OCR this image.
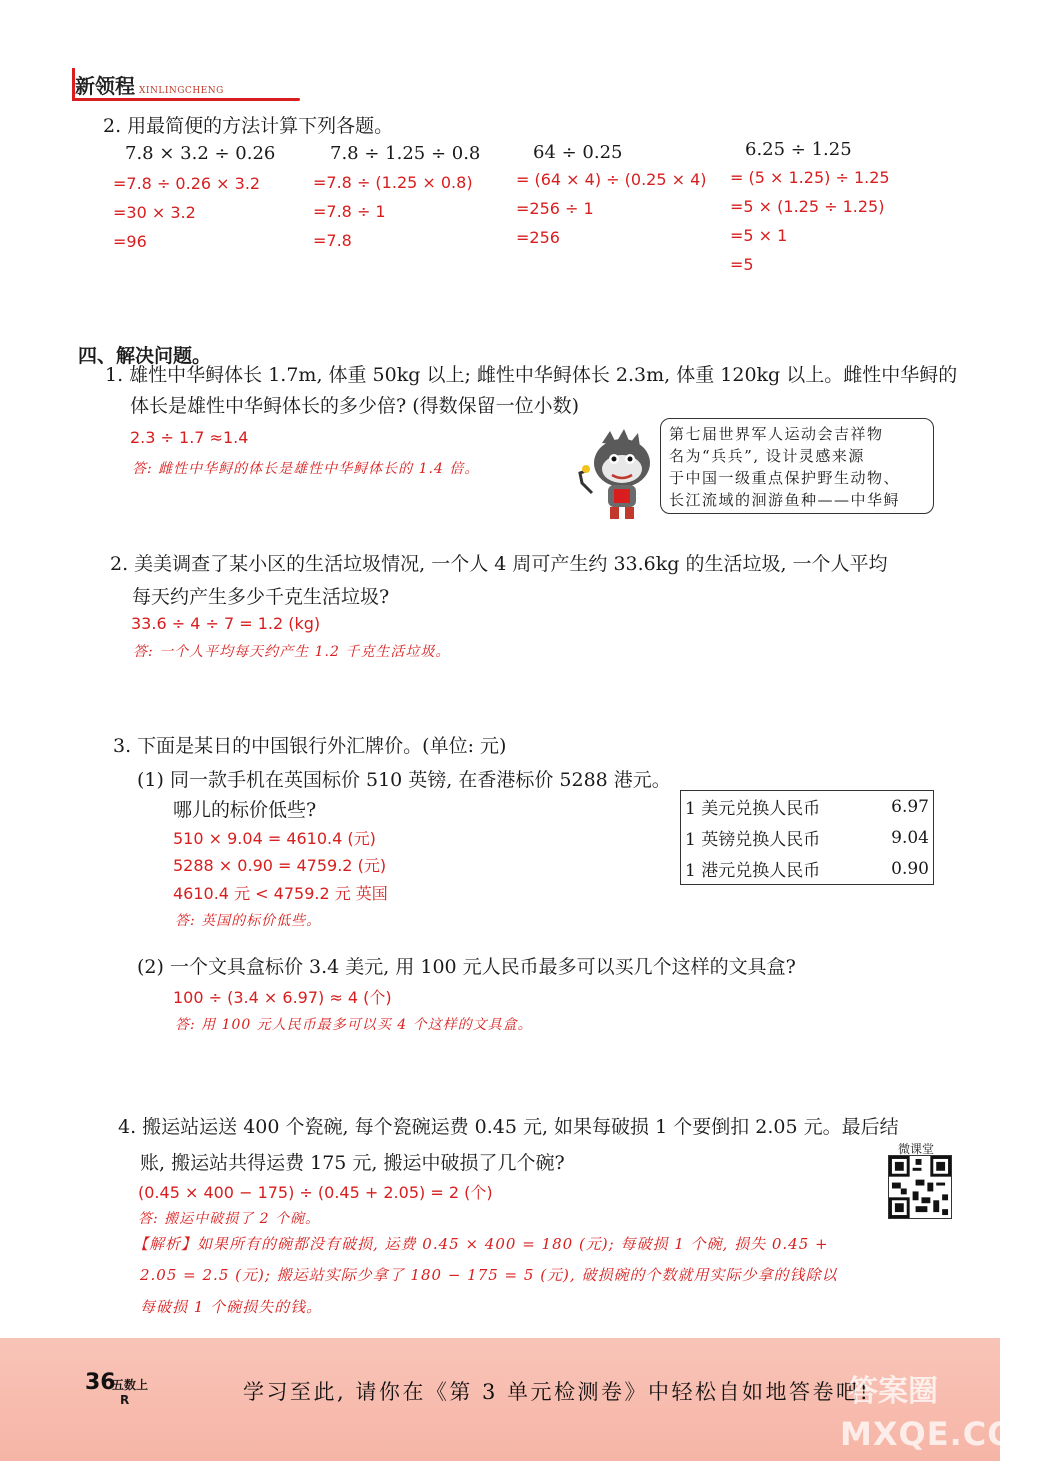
新领程 XINLINGCHENG
2. 用最简便的方法计算下列各题。
7.8 × 3.2 ÷ 0.26
=7.8 ÷ 0.26 × 3.2
=30 × 3.2
=96
7.8 ÷ 1.25 ÷ 0.8
=7.8 ÷ (1.25 × 0.8)
=7.8 ÷ 1
=7.8
64 ÷ 0.25
= (64 × 4) ÷ (0.25 × 4)
=256 ÷ 1
=256
6.25 ÷ 1.25
= (5 × 1.25) ÷ 1.25
=5 × (1.25 ÷ 1.25)
=5 × 1
=5
四、解决问题。
1. 雄性中华鲟体长 1.7m, 体重 50kg 以上; 雌性中华鲟体长 2.3m, 体重 120kg 以上。雌性中华鲟的
体长是雄性中华鲟体长的多少倍? (得数保留一位小数)
2.3 ÷ 1.7 ≈1.4
答: 雌性中华鲟的体长是雄性中华鲟体长的 1.4 倍。
第七届世界军人运动会吉祥物
名为“兵兵”, 设计灵感来源
于中国一级重点保护野生动物、
长江流域的洄游鱼种——中华鲟
2. 美美调查了某小区的生活垃圾情况, 一个人 4 周可产生约 33.6kg 的生活垃圾, 一个人平均
每天约产生多少千克生活垃圾?
33.6 ÷ 4 ÷ 7 = 1.2 (kg)
答: 一个人平均每天约产生 1.2 千克生活垃圾。
3. 下面是某日的中国银行外汇牌价。(单位: 元)
(1) 同一款手机在英国标价 510 英镑, 在香港标价 5288 港元。
哪儿的标价低些?
510 × 9.04 = 4610.4 (元)
5288 × 0.90 = 4759.2 (元)
4610.4 元 < 4759.2 元 英国
答: 英国的标价低些。
1 美元兑换人民币	6.97
1 英镑兑换人民币	9.04
1 港元兑换人民币	0.90
(2) 一个文具盒标价 3.4 美元, 用 100 元人民币最多可以买几个这样的文具盒?
100 ÷ (3.4 × 6.97) ≈ 4 (个)
答: 用 100 元人民币最多可以买 4 个这样的文具盒。
4. 搬运站运送 400 个瓷碗, 每个瓷碗运费 0.45 元, 如果每破损 1 个要倒扣 2.05 元。最后结
账, 搬运站共得运费 175 元, 搬运中破损了几个碗?
(0.45 × 400 − 175) ÷ (0.45 + 2.05) = 2 (个)
答: 搬运中破损了 2 个碗。
【解析】如果所有的碗都没有破损, 运费 0.45 × 400 = 180 (元); 每破损 1 个碗, 损失 0.45 +
2.05 = 2.5 (元); 搬运站实际少拿了 180 − 175 = 5 (元), 破损碗的个数就用实际少拿的钱除以
每破损 1 个碗损失的钱。
微课堂
36
五数上
R	学习至此, 请你在《第 3 单元检测卷》中轻松自如地答卷吧!
答案圈
MXQE.COM
